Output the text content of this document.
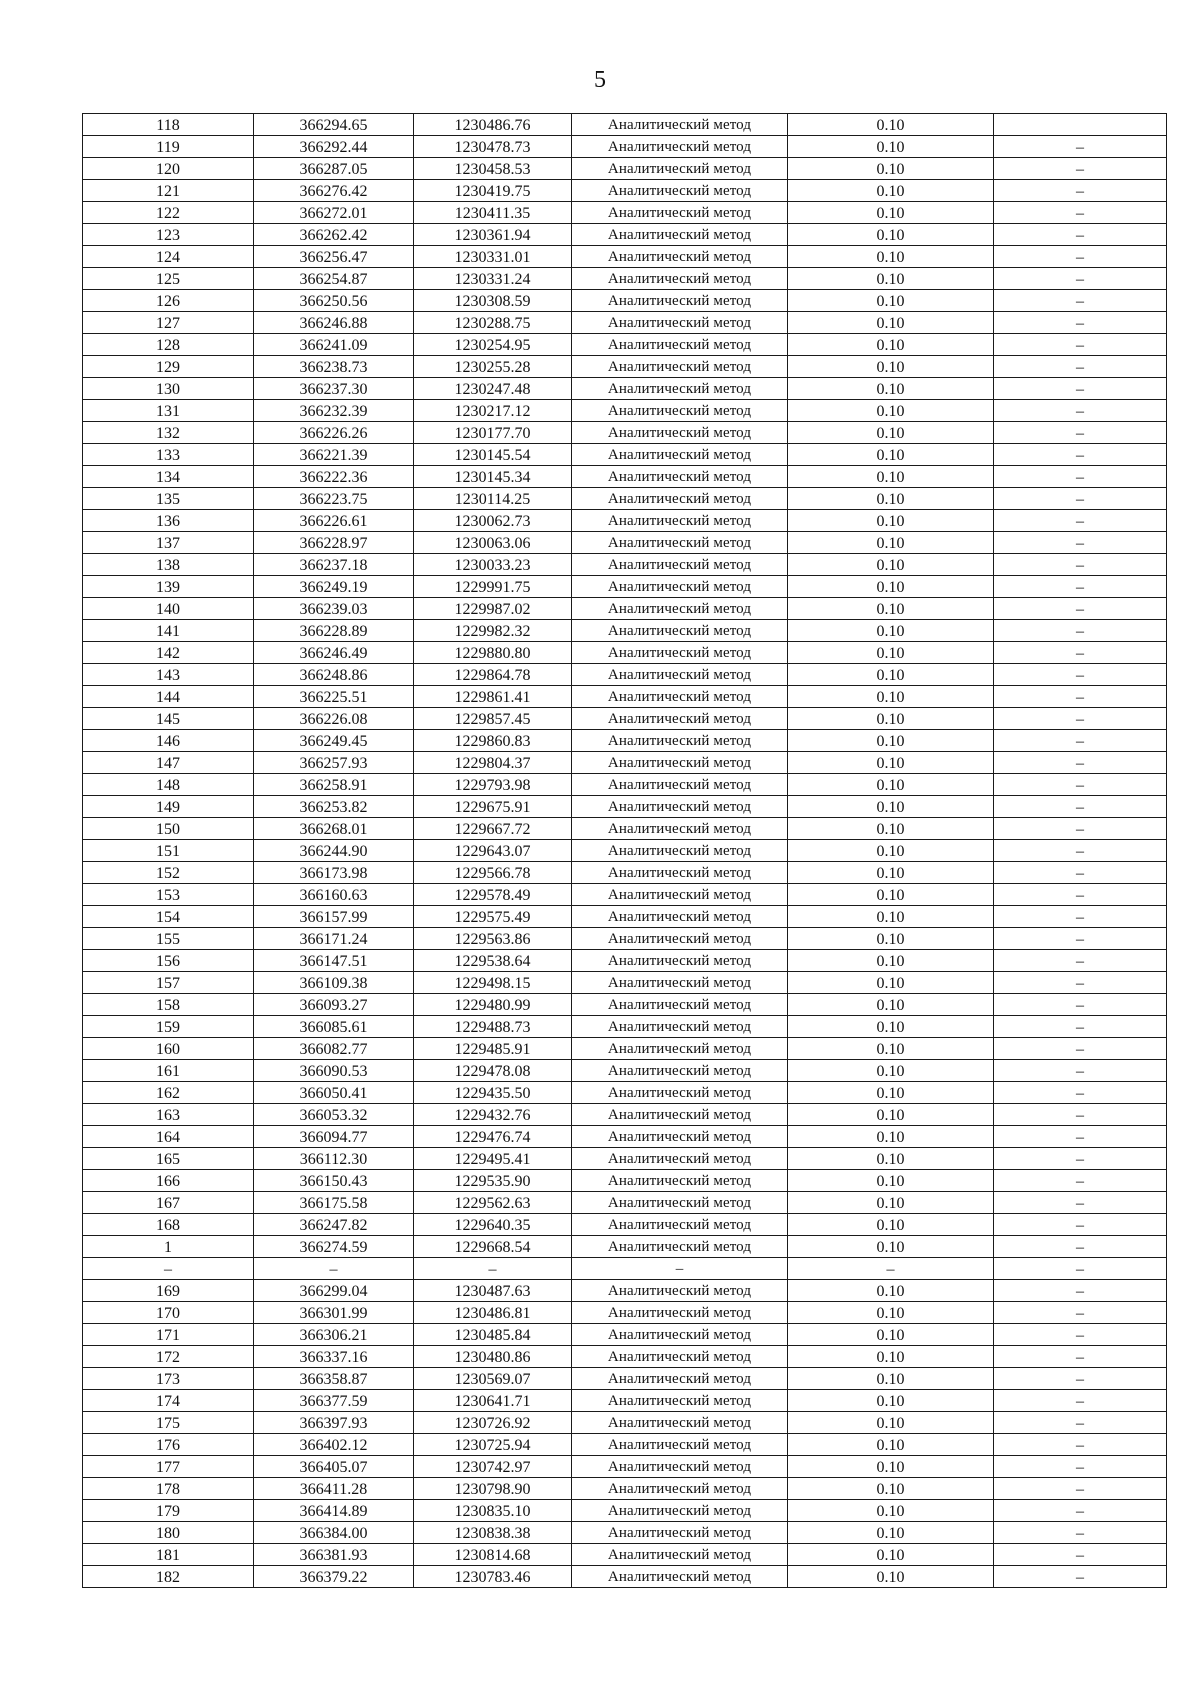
5
118	366294.65	1230486.76	Аналитический метод	0.10	
119	366292.44	1230478.73	Аналитический метод	0.10	–
120	366287.05	1230458.53	Аналитический метод	0.10	–
121	366276.42	1230419.75	Аналитический метод	0.10	–
122	366272.01	1230411.35	Аналитический метод	0.10	–
123	366262.42	1230361.94	Аналитический метод	0.10	–
124	366256.47	1230331.01	Аналитический метод	0.10	–
125	366254.87	1230331.24	Аналитический метод	0.10	–
126	366250.56	1230308.59	Аналитический метод	0.10	–
127	366246.88	1230288.75	Аналитический метод	0.10	–
128	366241.09	1230254.95	Аналитический метод	0.10	–
129	366238.73	1230255.28	Аналитический метод	0.10	–
130	366237.30	1230247.48	Аналитический метод	0.10	–
131	366232.39	1230217.12	Аналитический метод	0.10	–
132	366226.26	1230177.70	Аналитический метод	0.10	–
133	366221.39	1230145.54	Аналитический метод	0.10	–
134	366222.36	1230145.34	Аналитический метод	0.10	–
135	366223.75	1230114.25	Аналитический метод	0.10	–
136	366226.61	1230062.73	Аналитический метод	0.10	–
137	366228.97	1230063.06	Аналитический метод	0.10	–
138	366237.18	1230033.23	Аналитический метод	0.10	–
139	366249.19	1229991.75	Аналитический метод	0.10	–
140	366239.03	1229987.02	Аналитический метод	0.10	–
141	366228.89	1229982.32	Аналитический метод	0.10	–
142	366246.49	1229880.80	Аналитический метод	0.10	–
143	366248.86	1229864.78	Аналитический метод	0.10	–
144	366225.51	1229861.41	Аналитический метод	0.10	–
145	366226.08	1229857.45	Аналитический метод	0.10	–
146	366249.45	1229860.83	Аналитический метод	0.10	–
147	366257.93	1229804.37	Аналитический метод	0.10	–
148	366258.91	1229793.98	Аналитический метод	0.10	–
149	366253.82	1229675.91	Аналитический метод	0.10	–
150	366268.01	1229667.72	Аналитический метод	0.10	–
151	366244.90	1229643.07	Аналитический метод	0.10	–
152	366173.98	1229566.78	Аналитический метод	0.10	–
153	366160.63	1229578.49	Аналитический метод	0.10	–
154	366157.99	1229575.49	Аналитический метод	0.10	–
155	366171.24	1229563.86	Аналитический метод	0.10	–
156	366147.51	1229538.64	Аналитический метод	0.10	–
157	366109.38	1229498.15	Аналитический метод	0.10	–
158	366093.27	1229480.99	Аналитический метод	0.10	–
159	366085.61	1229488.73	Аналитический метод	0.10	–
160	366082.77	1229485.91	Аналитический метод	0.10	–
161	366090.53	1229478.08	Аналитический метод	0.10	–
162	366050.41	1229435.50	Аналитический метод	0.10	–
163	366053.32	1229432.76	Аналитический метод	0.10	–
164	366094.77	1229476.74	Аналитический метод	0.10	–
165	366112.30	1229495.41	Аналитический метод	0.10	–
166	366150.43	1229535.90	Аналитический метод	0.10	–
167	366175.58	1229562.63	Аналитический метод	0.10	–
168	366247.82	1229640.35	Аналитический метод	0.10	–
1	366274.59	1229668.54	Аналитический метод	0.10	–
–	–	–	–	–	–
169	366299.04	1230487.63	Аналитический метод	0.10	–
170	366301.99	1230486.81	Аналитический метод	0.10	–
171	366306.21	1230485.84	Аналитический метод	0.10	–
172	366337.16	1230480.86	Аналитический метод	0.10	–
173	366358.87	1230569.07	Аналитический метод	0.10	–
174	366377.59	1230641.71	Аналитический метод	0.10	–
175	366397.93	1230726.92	Аналитический метод	0.10	–
176	366402.12	1230725.94	Аналитический метод	0.10	–
177	366405.07	1230742.97	Аналитический метод	0.10	–
178	366411.28	1230798.90	Аналитический метод	0.10	–
179	366414.89	1230835.10	Аналитический метод	0.10	–
180	366384.00	1230838.38	Аналитический метод	0.10	–
181	366381.93	1230814.68	Аналитический метод	0.10	–
182	366379.22	1230783.46	Аналитический метод	0.10	–
